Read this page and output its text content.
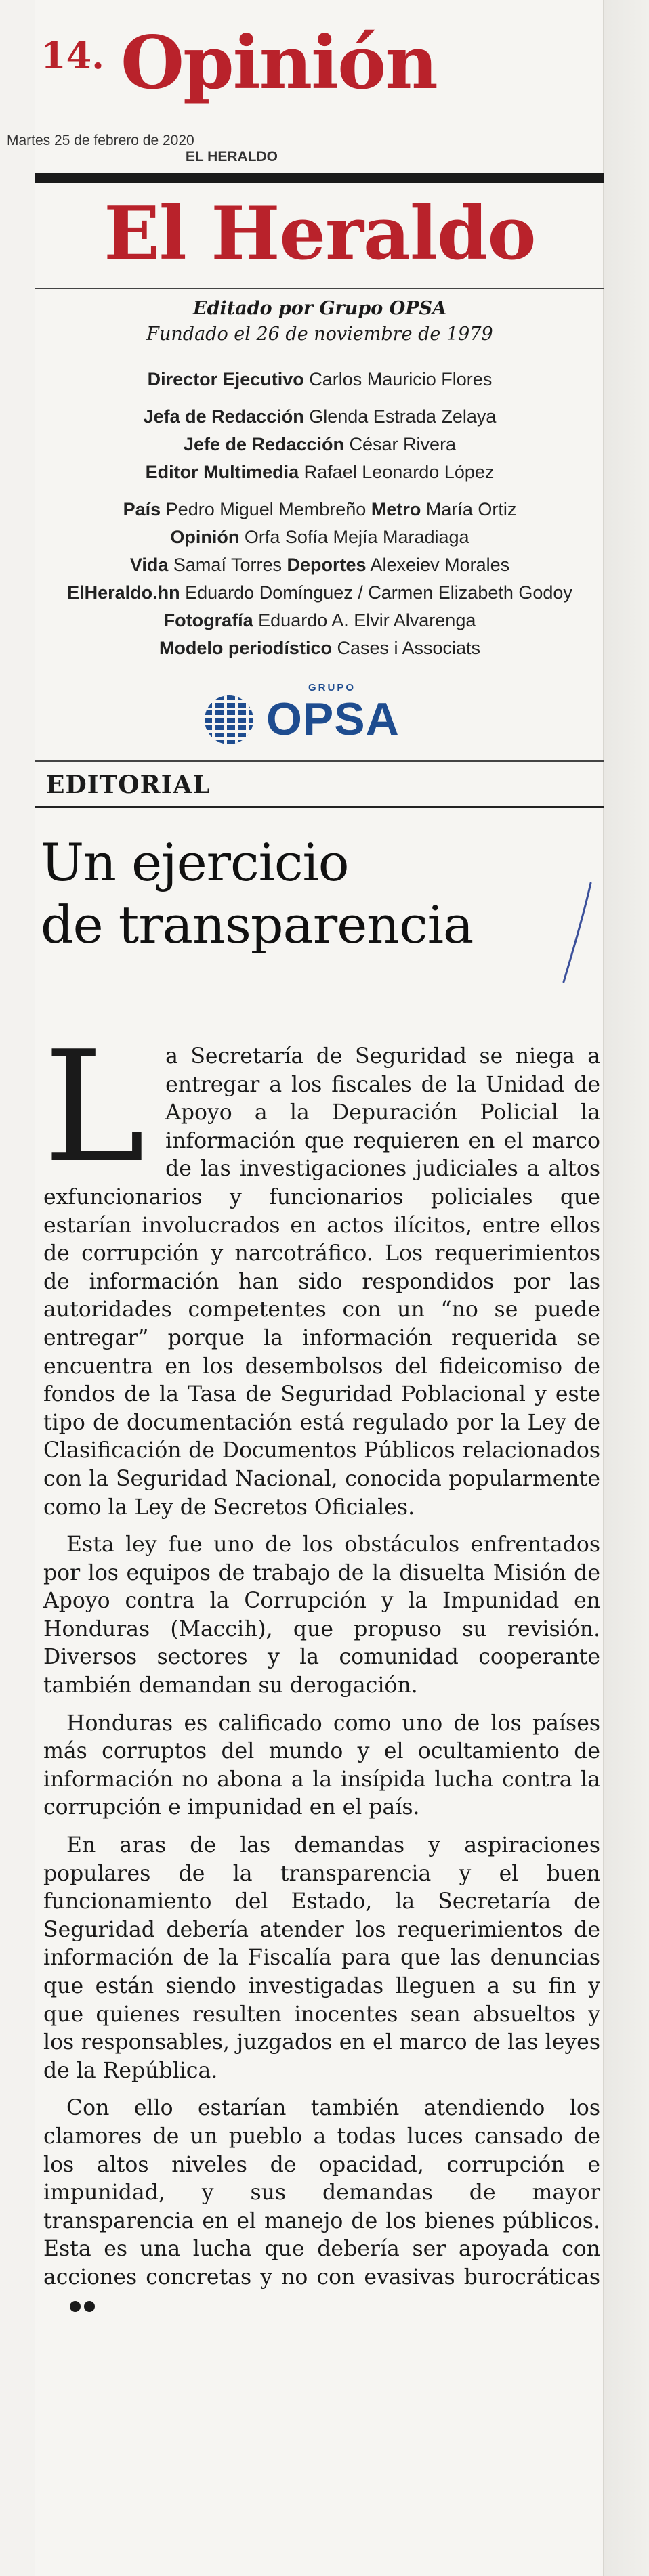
14. Opinión
Martes 25 de febrero de 2020
EL HERALDO
El Heraldo
Editado por Grupo OPSA
Fundado el 26 de noviembre de 1979
Director Ejecutivo Carlos Mauricio Flores
Jefa de Redacción Glenda Estrada Zelaya
Jefe de Redacción César Rivera
Editor Multimedia Rafael Leonardo López
País Pedro Miguel Membreño Metro María Ortiz
Opinión Orfa Sofía Mejía Maradiaga
Vida Samaí Torres Deportes Alexeiev Morales
ElHeraldo.hn Eduardo Domínguez / Carmen Elizabeth Godoy
Fotografía Eduardo A. Elvir Alvarenga
Modelo periodístico Cases i Associats
GRUPO
OPSA
EDITORIAL
Un ejercicio
de transparencia
L a Secretaría de Seguridad se niega a entregar a los fiscales de la Unidad de Apoyo a la Depuración Policial la información que requieren en el marco de las investigaciones judiciales a altos exfuncionarios y funcionarios policiales que estarían involucrados en actos ilícitos, entre ellos de corrupción y narcotráfico. Los requerimientos de información han sido respondidos por las autoridades competentes con un “no se puede entregar” porque la información requerida se encuentra en los desembolsos del fideicomiso de fondos de la Tasa de Seguridad Poblacional y este tipo de documentación está regulado por la Ley de Clasificación de Documentos Públicos relacionados con la Seguridad Nacional, conocida popularmente como la Ley de Secretos Oficiales.

Esta ley fue uno de los obstáculos enfrentados por los equipos de trabajo de la disuelta Misión de Apoyo contra la Corrupción y la Impunidad en Honduras (Maccih), que propuso su revisión. Diversos sectores y la comunidad cooperante también demandan su derogación.

Honduras es calificado como uno de los países más corruptos del mundo y el ocultamiento de información no abona a la insípida lucha contra la corrupción e impunidad en el país.

En aras de las demandas y aspiraciones populares de la transparencia y el buen funcionamiento del Estado, la Secretaría de Seguridad debería atender los requerimientos de información de la Fiscalía para que las denuncias que están siendo investigadas lleguen a su fin y que quienes resulten inocentes sean absueltos y los responsables, juzgados en el marco de las leyes de la República.

Con ello estarían también atendiendo los clamores de un pueblo a todas luces cansado de los altos niveles de opacidad, corrupción e impunidad, y sus demandas de mayor transparencia en el manejo de los bienes públicos. Esta es una lucha que debería ser apoyada con acciones concretas y no con evasivas burocráticas
